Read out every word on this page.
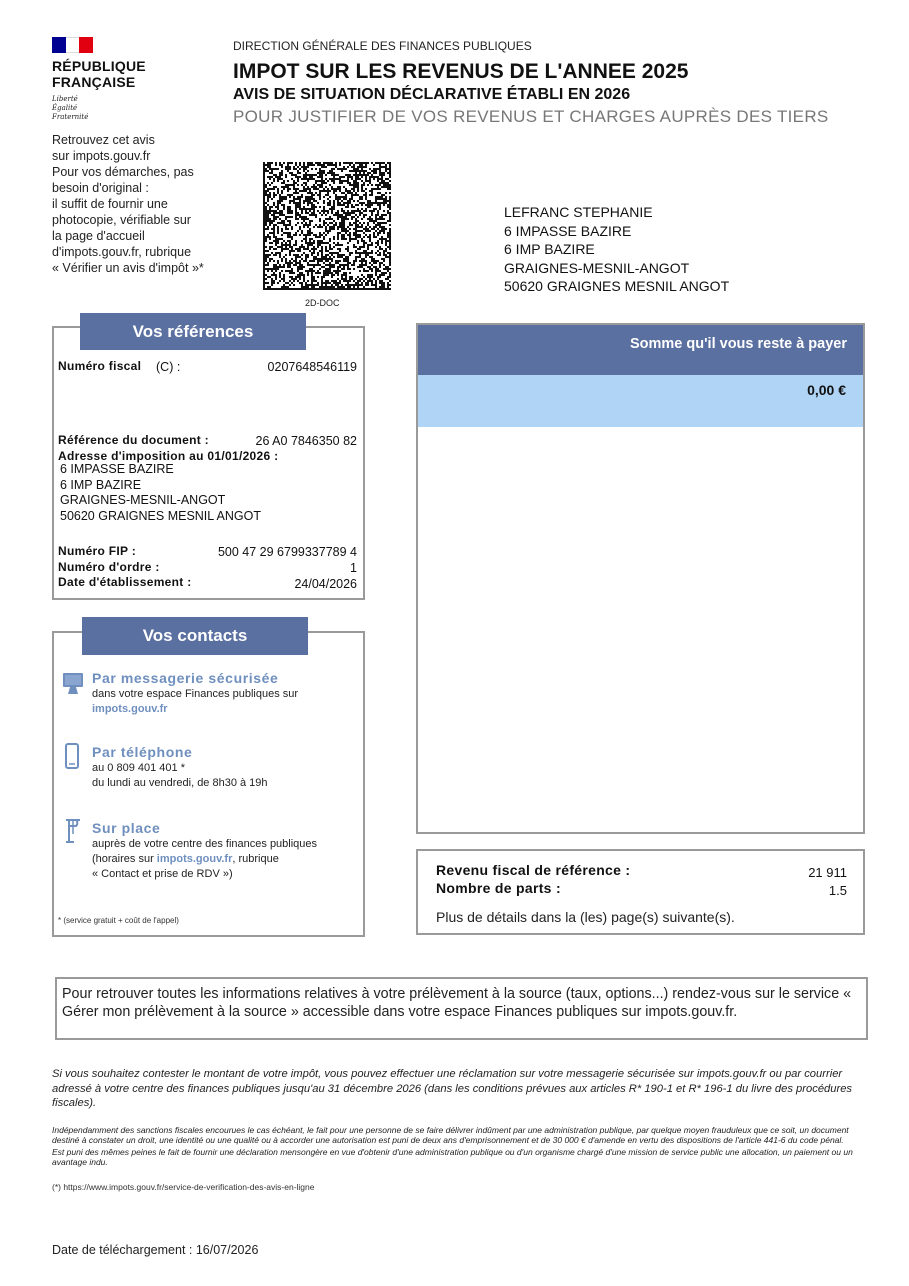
RÉPUBLIQUE
FRANÇAISE
Liberté
Égalité
Fraternité
DIRECTION GÉNÉRALE DES FINANCES PUBLIQUES
IMPOT SUR LES REVENUS DE L'ANNEE 2025
AVIS DE SITUATION DÉCLARATIVE ÉTABLI EN 2026
POUR JUSTIFIER DE VOS REVENUS ET CHARGES AUPRÈS DES TIERS
Retrouvez cet avis
sur impots.gouv.fr
Pour vos démarches, pas
besoin d'original :
il suffit de fournir une
photocopie, vérifiable sur
la page d'accueil
d'impots.gouv.fr, rubrique
« Vérifier un avis d'impôt »*
2D-DOC
LEFRANC STEPHANIE
6 IMPASSE BAZIRE
6 IMP BAZIRE
GRAIGNES-MESNIL-ANGOT
50620 GRAIGNES MESNIL ANGOT
Vos références
Numéro fiscal (C) :	0207648546119
Référence du document :	26 A0 7846350 82
Adresse d'imposition au 01/01/2026 :
6 IMPASSE BAZIRE
6 IMP BAZIRE
GRAIGNES-MESNIL-ANGOT
50620 GRAIGNES MESNIL ANGOT
Numéro FIP :	500 47 29 6799337789 4
Numéro d'ordre :	1
Date d'établissement :	24/04/2026
Vos contacts
Par messagerie sécurisée
dans votre espace Finances publiques sur
impots.gouv.fr
Par téléphone
au 0 809 401 401 *
du lundi au vendredi, de 8h30 à 19h
Sur place
auprès de votre centre des finances publiques
(horaires sur impots.gouv.fr, rubrique
« Contact et prise de RDV »)
* (service gratuit + coût de l'appel)
Somme qu'il vous reste à payer
0,00 €
Revenu fiscal de référence :	21 911
Nombre de parts :	1.5
Plus de détails dans la (les) page(s) suivante(s).
Pour retrouver toutes les informations relatives à votre prélèvement à la source (taux, options...) rendez-vous sur le service « Gérer mon prélèvement à la source » accessible dans votre espace Finances publiques sur impots.gouv.fr.
Si vous souhaitez contester le montant de votre impôt, vous pouvez effectuer une réclamation sur votre messagerie sécurisée sur impots.gouv.fr ou par courrier adressé à votre centre des finances publiques jusqu'au 31 décembre 2026 (dans les conditions prévues aux articles R* 190-1 et R* 196-1 du livre des procédures fiscales).

Indépendamment des sanctions fiscales encourues le cas échéant, le fait pour une personne de se faire délivrer indûment par une administration publique, par quelque moyen frauduleux que ce soit, un document destiné à constater un droit, une identité ou une qualité ou à accorder une autorisation est puni de deux ans d'emprisonnement et de 30 000 € d'amende en vertu des dispositions de l'article 441-6 du code pénal.

Est puni des mêmes peines le fait de fournir une déclaration mensongère en vue d'obtenir d'une administration publique ou d'un organisme chargé d'une mission de service public une allocation, un paiement ou un avantage indu.

(*) https://www.impots.gouv.fr/service-de-verification-des-avis-en-ligne
Date de téléchargement : 16/07/2026
